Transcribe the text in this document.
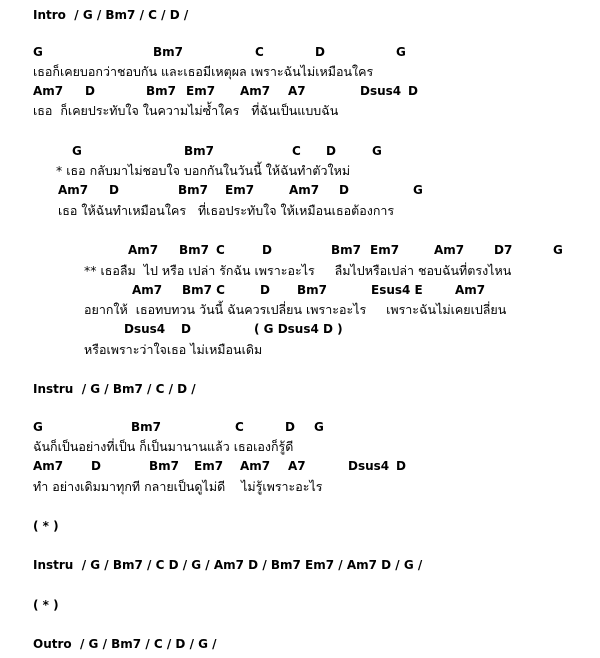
Intro  / G / Bm7 / C / D /
G	Bm7	C	D	G
เธอก็เคยบอกว่าชอบกัน และเธอมีเหตุผล เพราะฉันไม่เหมือนใคร
Am7 D	Bm7 Em7 Am7 A7	Dsus4 D
เธอ  ก็เคยประทับใจ ในความไม่ซ้ำใคร   ที่ฉันเป็นแบบฉัน
G	Bm7	C D	G
* เธอ กลับมาไม่ชอบใจ บอกกันในวันนี้ ให้ฉันทำตัวใหม่
Am7 D	Bm7 Em7	Am7 D	G
เธอ ให้ฉันทำเหมือนใคร   ที่เธอประทับใจ ให้เหมือนเธอต้องการ
Am7 Bm7 C	D	Bm7 Em7	Am7 D7	G
** เธอลืม  ไป หรือ เปล่า รักฉัน เพราะอะไร     ลืมไปหรือเปล่า ชอบฉันที่ตรงไหน
Am7 Bm7 C	D Bm7	Esus4 E	Am7
อยากให้  เธอทบทวน วันนี้ ฉันควรเปลี่ยน เพราะอะไร     เพราะฉันไม่เคยเปลี่ยน
Dsus4 D	( G Dsus4 D )
หรือเพราะว่าใจเธอ ไม่เหมือนเดิม
Instru  / G / Bm7 / C / D /
G	Bm7	C	D G
ฉันก็เป็นอย่างที่เป็น ก็เป็นมานานแล้ว เธอเองก็รู้ดี
Am7 D	Bm7 Em7 Am7 A7	Dsus4 D
ทำ อย่างเดิมมาทุกที กลายเป็นดูไม่ดี    ไม่รู้เพราะอะไร
( * )
Instru  / G / Bm7 / C D / G / Am7 D / Bm7 Em7 / Am7 D / G /
( * )
Outro  / G / Bm7 / C / D / G /
